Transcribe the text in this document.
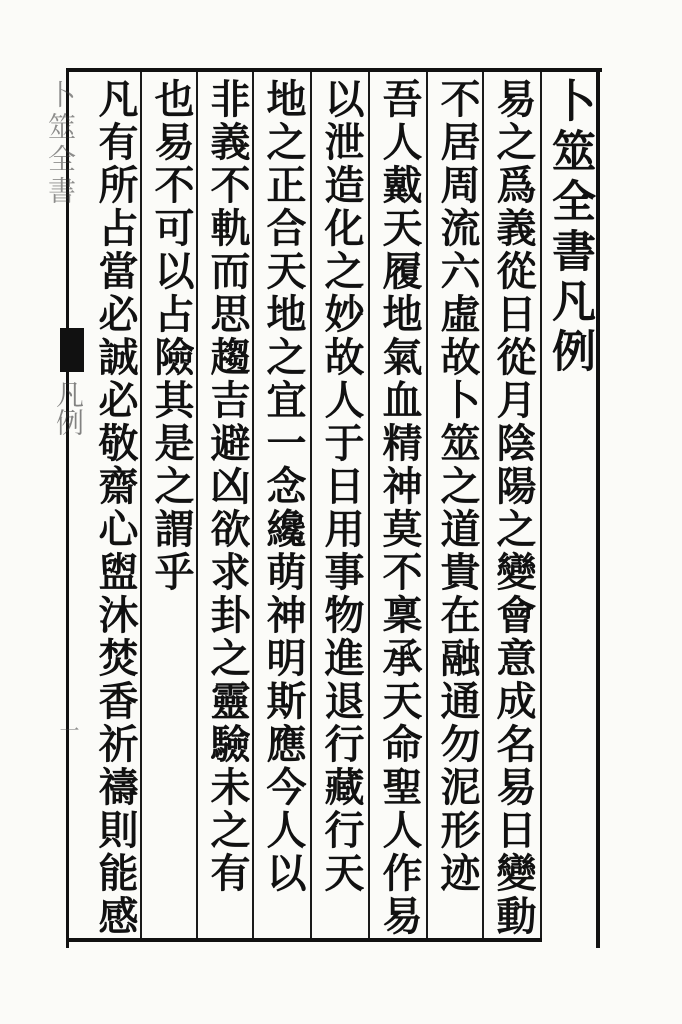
卜筮全書
凡例
一
卜筮全書凡例
易之爲義從日從月陰陽之變會意成名易日變動
不居周流六虛故卜筮之道貴在融通勿泥形迹
吾人戴天履地氣血精神莫不稟承天命聖人作易
以泄造化之妙故人于日用事物進退行藏行天
地之正合天地之宜一念纔萌神明斯應今人以
非義不軌而思趨吉避凶欲求卦之靈驗未之有
也易不可以占險其是之謂乎
凡有所占當必誠必敬齋心盥沐焚香祈禱則能感
